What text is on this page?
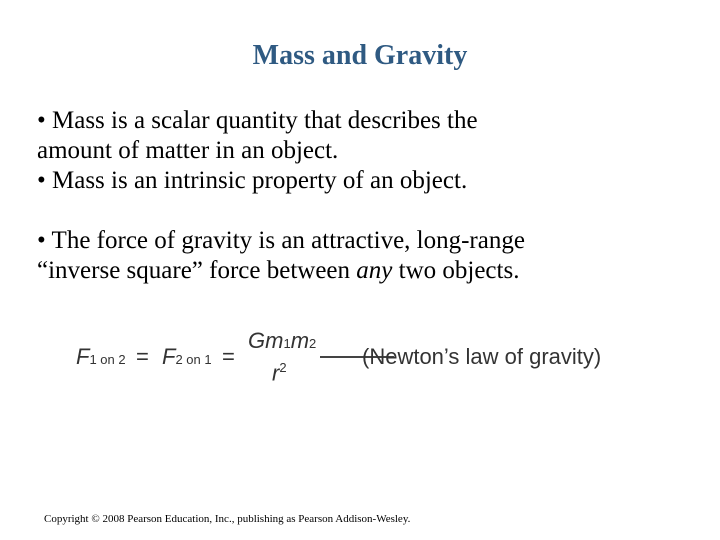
Mass and Gravity
• Mass is a scalar quantity that describes the
amount of matter in an object.
• Mass is an intrinsic property of an object.
• The force of gravity is an attractive, long-range
“inverse square” force between any two objects.
F1 on 2 = F2 on 1 =
Gm1m2
$r^2$	(Newton’s law of gravity)
Copyright © 2008 Pearson Education, Inc., publishing as Pearson Addison-Wesley.
